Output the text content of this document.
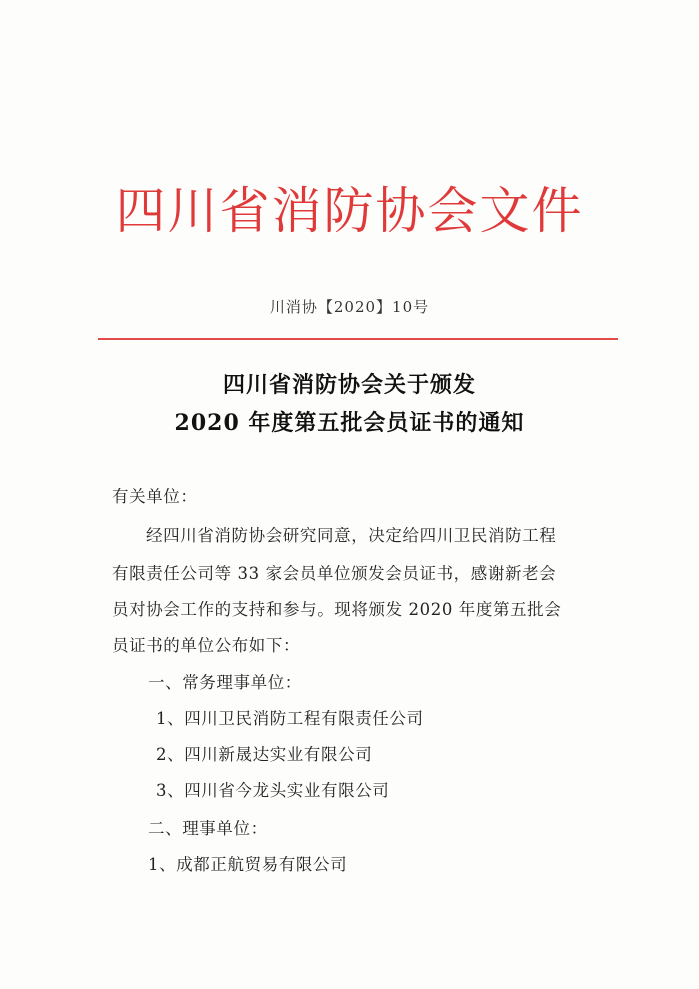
四川省消防协会文件
川消协【2020】10号
四川省消防协会关于颁发
2020 年度第五批会员证书的通知
有关单位：
经四川省消防协会研究同意，决定给四川卫民消防工程
有限责任公司等 33 家会员单位颁发会员证书，感谢新老会
员对协会工作的支持和参与。现将颁发 2020 年度第五批会
员证书的单位公布如下：
一、常务理事单位：
1、四川卫民消防工程有限责任公司
2、四川新晟达实业有限公司
3、四川省今龙头实业有限公司
二、理事单位：
1、成都正航贸易有限公司
